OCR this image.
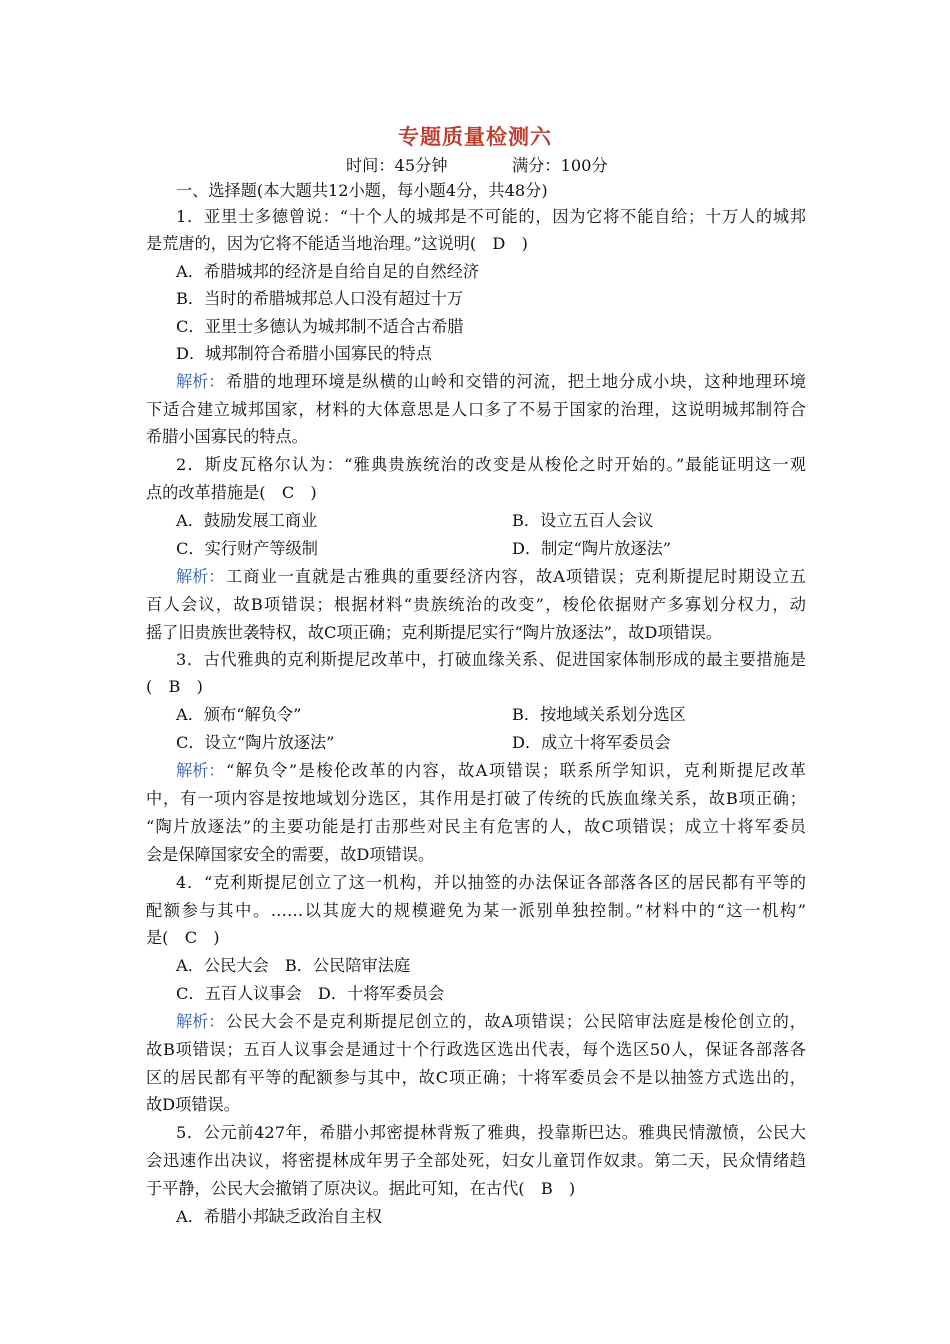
专题质量检测六
时间：45分钟	满分：100分
一、选择题(本大题共12小题，每小题4分，共48分)
1．亚里士多德曾说：“十个人的城邦是不可能的，因为它将不能自给；十万人的城邦
是荒唐的，因为它将不能适当地治理。”这说明(　D　)
A．希腊城邦的经济是自给自足的自然经济
B．当时的希腊城邦总人口没有超过十万
C．亚里士多德认为城邦制不适合古希腊
D．城邦制符合希腊小国寡民的特点
解析： 希腊的地理环境是纵横的山岭和交错的河流，把土地分成小块，这种地理环境
下适合建立城邦国家，材料的大体意思是人口多了不易于国家的治理，这说明城邦制符合
希腊小国寡民的特点。
2．斯皮瓦格尔认为：“雅典贵族统治的改变是从梭伦之时开始的。”最能证明这一观
点的改革措施是(　C　)
A．鼓励发展工商业	B．设立五百人会议
C．实行财产等级制	D．制定“陶片放逐法”
解析： 工商业一直就是古雅典的重要经济内容，故A项错误；克利斯提尼时期设立五
百人会议，故B项错误；根据材料“贵族统治的改变”，梭伦依据财产多寡划分权力，动
摇了旧贵族世袭特权，故C项正确；克利斯提尼实行“陶片放逐法”，故D项错误。
3．古代雅典的克利斯提尼改革中，打破血缘关系、促进国家体制形成的最主要措施是
(　B　)
A．颁布“解负令”	B．按地域关系划分选区
C．设立“陶片放逐法”	D．成立十将军委员会
解析： “解负令”是梭伦改革的内容，故A项错误；联系所学知识，克利斯提尼改革
中，有一项内容是按地域划分选区，其作用是打破了传统的氏族血缘关系，故B项正确；
“陶片放逐法”的主要功能是打击那些对民主有危害的人，故C项错误；成立十将军委员
会是保障国家安全的需要，故D项错误。
4．“克利斯提尼创立了这一机构，并以抽签的办法保证各部落各区的居民都有平等的
配额参与其中。……以其庞大的规模避免为某一派别单独控制。”材料中的“这一机构”
是(　C　)
A．公民大会　B．公民陪审法庭
C．五百人议事会　D．十将军委员会
解析： 公民大会不是克利斯提尼创立的，故A项错误；公民陪审法庭是梭伦创立的，
故B项错误；五百人议事会是通过十个行政选区选出代表，每个选区50人，保证各部落各
区的居民都有平等的配额参与其中，故C项正确；十将军委员会不是以抽签方式选出的，
故D项错误。
5．公元前427年，希腊小邦密提林背叛了雅典，投靠斯巴达。雅典民情激愤，公民大
会迅速作出决议，将密提林成年男子全部处死，妇女儿童罚作奴隶。第二天，民众情绪趋
于平静，公民大会撤销了原决议。据此可知，在古代(　B　)
A．希腊小邦缺乏政治自主权
